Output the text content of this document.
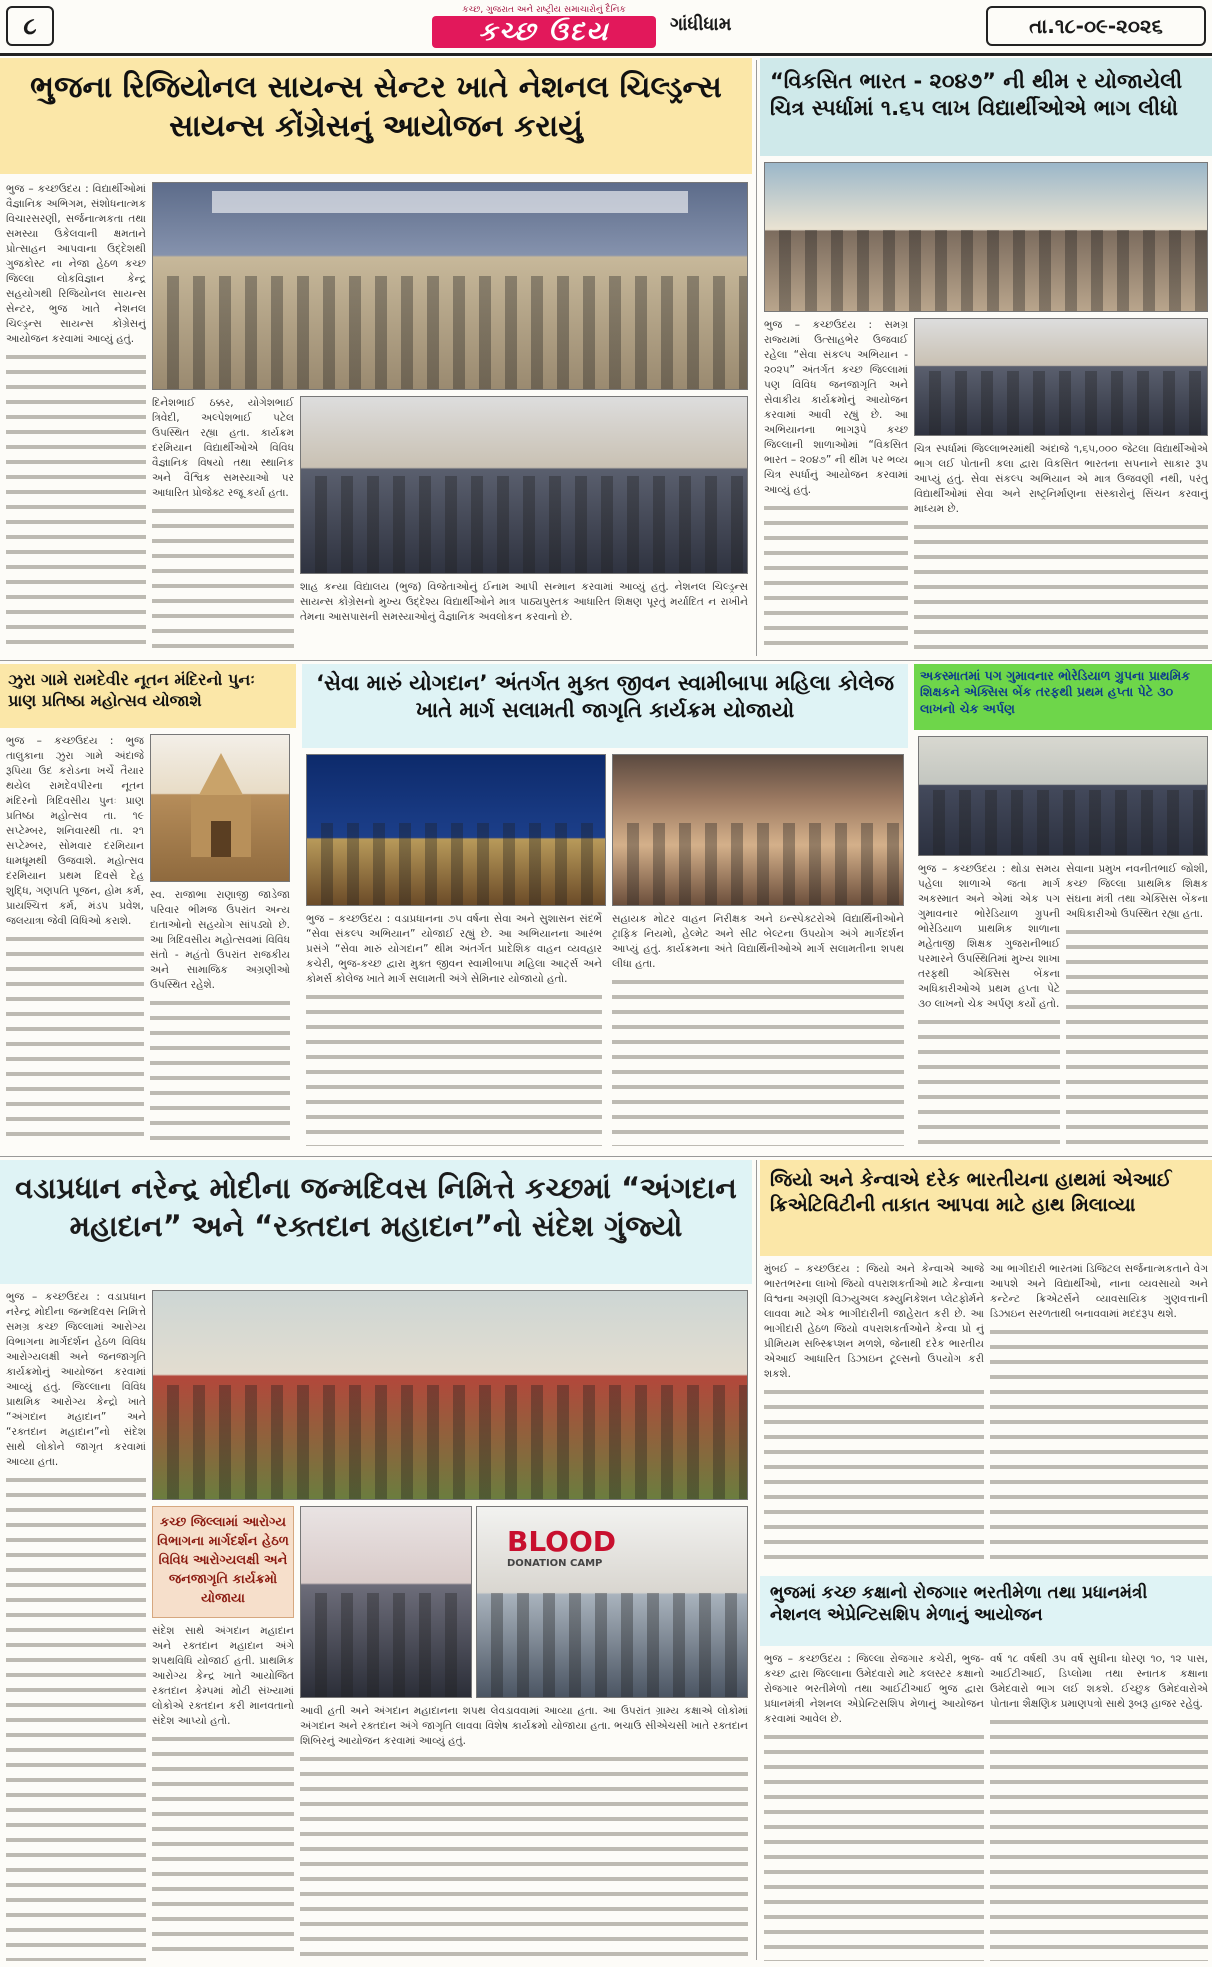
૮
કચ્છ, ગુજરાત અને રાષ્ટ્રીય સમાચારોનું દૈનિક
કચ્છ ઉદય	ગાંધીધામ	તા.૧૮-૦૯-૨૦૨૬
ભુજના રિજિયોનલ સાયન્સ સેન્ટર ખાતે નેશનલ ચિલ્ડ્રન્સ સાયન્સ કોંગ્રેસનું આયોજન કરાયું

ભુજ – કચ્છઉદય : વિદ્યાર્થીઓમાં વૈજ્ઞાનિક અભિગમ, સંશોધનાત્મક વિચારસરણી, સર્જનાત્મકતા તથા સમસ્યા ઉકેલવાની ક્ષમતાને પ્રોત્સાહન આપવાના ઉદ્દેશથી ગુજકોસ્ટ ના નેજા હેઠળ કચ્છ જિલ્લા લોકવિજ્ઞાન કેન્દ્ર સહયોગથી રિજિયોનલ સાયન્સ સેન્ટર, ભુજ ખાતે નેશનલ ચિલ્ડ્રન્સ સાયન્સ કોંગ્રેસનું આયોજન કરવામાં આવ્યું હતું.

દિનેશભાઈ ઠક્કર, યોગેશભાઈ ત્રિવેદી, અલ્પેશભાઈ પટેલ ઉપસ્થિત રહ્યા હતા. કાર્યક્રમ દરમિયાન વિદ્યાર્થીઓએ વિવિધ વૈજ્ઞાનિક વિષયો તથા સ્થાનિક અને વૈશ્વિક સમસ્યાઓ પર આધારિત પ્રોજેક્ટ રજૂ કર્યા હતા.

શાહ કન્યા વિદ્યાલય (ભુજ) વિજેતાઓનું ઈનામ આપી સન્માન કરવામાં આવ્યું હતું. નેશનલ ચિલ્ડ્રન્સ સાયન્સ કોંગ્રેસનો મુખ્ય ઉદ્દેશ્ય વિદ્યાર્થીઓને માત્ર પાઠ્યપુસ્તક આધારિત શિક્ષણ પૂરતું મર્યાદિત ન રાખીને તેમના આસપાસની સમસ્યાઓનું વૈજ્ઞાનિક અવલોકન કરવાનો છે.

“વિકસિત ભારત - ૨૦૪૭” ની થીમ ર યોજાયેલી ચિત્ર સ્પર્ધામાં ૧.૬૫ લાખ વિદ્યાર્થીઓએ ભાગ લીધો

ભુજ – કચ્છઉદય : સમગ્ર રાજ્યમાં ઉત્સાહભેર ઉજવાઈ રહેલા “સેવા સંકલ્પ અભિયાન - ૨૦૨૫” અંતર્ગત કચ્છ જિલ્લામાં પણ વિવિધ જનજાગૃતિ અને સેવાકીય કાર્યક્રમોનું આયોજન કરવામાં આવી રહ્યું છે. આ અભિયાનના ભાગરૂપે કચ્છ જિલ્લાની શાળાઓમાં “વિકસિત ભારત – ૨૦૪૭” ની થીમ પર ભવ્ય ચિત્ર સ્પર્ધાનું આયોજન કરવામાં આવ્યું હતું.

ચિત્ર સ્પર્ધામાં જિલ્લાભરમાંથી અંદાજે ૧,૬૫,૦૦૦ જેટલા વિદ્યાર્થીઓએ ભાગ લઈ પોતાની કલા દ્વારા વિકસિત ભારતના સપનાને સાકાર રૂપ આપ્યું હતું. સેવા સંકલ્પ અભિયાન એ માત્ર ઉજવણી નથી, પરંતુ વિદ્યાર્થીઓમાં સેવા અને રાષ્ટ્રનિર્માણના સંસ્કારોનું સિંચન કરવાનું માધ્યમ છે.

ઝુરા ગામે રામદેવીર નૂતન મંદિરનો પુનઃ પ્રાણ પ્રતિષ્ઠા મહોત્સવ યોજાશે

ભુજ – કચ્છઉદય : ભુજ તાલુકાના ઝુરા ગામે અંદાજે રૂપિયા ઉદ કરોડના ખર્ચે તૈયાર થયેલ રામદેવપીરના નૂતન મંદિરનો ત્રિદિવસીય પુનઃ પ્રાણ પ્રતિષ્ઠા મહોત્સવ તા. ૧૯ સપ્ટેમ્બર, શનિવારથી તા. ૨૧ સપ્ટેમ્બર, સોમવાર દરમિયાન ધામધૂમથી ઉજવાશે. મહોત્સવ દરમિયાન પ્રથમ દિવસે દેહ શુદ્ધિ, ગણપતિ પૂજન, હોમ કર્મ, પ્રાયશ્ચિત્ત કર્મ, મંડપ પ્રવેશ, જલયાત્રા જેવી વિધિઓ કરાશે.

સ્વ. રાજાભા રાણાજી જાડેજા પરિવાર ભીમજ ઉપરાંત અન્ય દાતાઓનો સહયોગ સાંપડ્યો છે. આ ત્રિદિવસીય મહોત્સવમાં વિવિધ સંતો - મહંતો ઉપરાંત રાજકીય અને સામાજિક અગ્રણીઓ ઉપસ્થિત રહેશે.

‘સેવા મારું યોગદાન’ અંતર્ગત મુક્ત જીવન સ્વામીબાપા મહિલા કોલેજ ખાતે માર્ગ સલામતી જાગૃતિ કાર્યક્રમ યોજાયો

ભુજ – કચ્છઉદય : વડાપ્રધાનના ૭૫ વર્ષના સેવા અને સુશાસન સંદર્ભે “સેવા સંકલ્પ અભિયાન” યોજાઈ રહ્યું છે. આ અભિયાનના આરંભ પ્રસંગે “સેવા મારું યોગદાન” થીમ અંતર્ગત પ્રાદેશિક વાહન વ્યવહાર કચેરી, ભુજ-કચ્છ દ્વારા મુક્ત જીવન સ્વામીબાપા મહિલા આર્ટ્સ અને કોમર્સ કોલેજ ખાતે માર્ગ સલામતી અંગે સેમિનાર યોજાયો હતો.

સહાયક મોટર વાહન નિરીક્ષક અને ઇન્સ્પેક્ટરોએ વિદ્યાર્થિનીઓને ટ્રાફિક નિયમો, હેલ્મેટ અને સીટ બેલ્ટના ઉપયોગ અંગે માર્ગદર્શન આપ્યું હતું. કાર્યક્રમના અંતે વિદ્યાર્થિનીઓએ માર્ગ સલામતીના શપથ લીધા હતા.

અકસ્માતમાં પગ ગુમાવનાર ભોરેડિયાળ ગ્રુપના પ્રાથમિક શિક્ષકને એક્સિસ બેંક તરફથી પ્રથમ હપ્તા પેટે ૩૦ લાખનો ચેક અર્પણ

ભુજ – કચ્છઉદય : થોડા સમય પહેલા શાળાએ જતા માર્ગ અકસ્માત અને એમાં એક પગ ગુમાવનાર ભોરેડિયાળ ગ્રુપની ભોરેડિયાળ પ્રાથમિક શાળાના મહેતાજી શિક્ષક ગુજરાનીભાઈ પરમારને ઉપસ્થિતિમાં મુખ્ય શાખા તરફથી એક્સિસ બેંકના અધિકારીઓએ પ્રથમ હપ્તા પેટે ૩૦ લાખનો ચેક અર્પણ કર્યો હતો.

સેવાના પ્રમુખ નવનીતભાઈ જોશી, કચ્છ જિલ્લા પ્રાથમિક શિક્ષક સંઘના મંત્રી તથા એક્સિસ બેંકના અધિકારીઓ ઉપસ્થિત રહ્યા હતા.

વડાપ્રધાન નરેન્દ્ર મોદીના જન્મદિવસ નિમિત્તે કચ્છમાં “અંગદાન મહાદાન” અને “રક્તદાન મહાદાન”નો સંદેશ ગુંજ્યો

ભુજ – કચ્છઉદય : વડાપ્રધાન નરેન્દ્ર મોદીના જન્મદિવસ નિમિત્તે સમગ્ર કચ્છ જિલ્લામાં આરોગ્ય વિભાગના માર્ગદર્શન હેઠળ વિવિધ આરોગ્યલક્ષી અને જનજાગૃતિ કાર્યક્રમોનું આયોજન કરવામાં આવ્યું હતું. જિલ્લાના વિવિધ પ્રાથમિક આરોગ્ય કેન્દ્રો ખાતે “અંગદાન મહાદાન” અને “રક્તદાન મહાદાન”નો સંદેશ સાથે લોકોને જાગૃત કરવામાં આવ્યા હતા.

કચ્છ જિલ્લામાં આરોગ્ય વિભાગના માર્ગદર્શન હેઠળ વિવિધ આરોગ્યલક્ષી અને જનજાગૃતિ કાર્યક્રમો યોજાયા

સંદેશ સાથે અંગદાન મહાદાન અને રક્તદાન મહાદાન અંગે શપથવિધિ યોજાઈ હતી. પ્રાથમિક આરોગ્ય કેન્દ્ર ખાતે આયોજિત રક્તદાન કેમ્પમાં મોટી સંખ્યામાં લોકોએ રક્તદાન કરી માનવતાનો સંદેશ આપ્યો હતો.

BLOOD
DONATION CAMP

આવી હતી અને અંગદાન મહાદાનના શપથ લેવડાવવામાં આવ્યા હતા. આ ઉપરાંત ગ્રામ્ય કક્ષાએ લોકોમાં અંગદાન અને રક્તદાન અંગે જાગૃતિ લાવવા વિશેષ કાર્યક્રમો યોજાયા હતા. ભચાઉ સીએચસી ખાતે રક્તદાન શિબિરનું આયોજન કરવામાં આવ્યું હતું.

જિયો અને કેન્વાએ દરેક ભારતીયના હાથમાં એઆઈ ક્રિએટિવિટીની તાકાત આપવા માટે હાથ મિલાવ્યા

મુંબઈ – કચ્છઉદય : જિયો અને કેન્વાએ આજે ભારતભરના લાખો જિયો વપરાશકર્તાઓ માટે કેન્વાના વિશ્વના અગ્રણી વિઝ્યુઅલ કમ્યુનિકેશન પ્લેટફોર્મને લાવવા માટે એક ભાગીદારીની જાહેરાત કરી છે. આ ભાગીદારી હેઠળ જિયો વપરાશકર્તાઓને કેન્વા પ્રો નું પ્રીમિયમ સબ્સ્ક્રિપ્શન મળશે, જેનાથી દરેક ભારતીય એઆઈ આધારિત ડિઝાઇન ટૂલ્સનો ઉપયોગ કરી શકશે.

આ ભાગીદારી ભારતમાં ડિજિટલ સર્જનાત્મકતાને વેગ આપશે અને વિદ્યાર્થીઓ, નાના વ્યવસાયો અને કન્ટેન્ટ ક્રિએટર્સને વ્યાવસાયિક ગુણવત્તાની ડિઝાઇન સરળતાથી બનાવવામાં મદદરૂપ થશે.

ભુજમાં કચ્છ કક્ષાનો રોજગાર ભરતીમેળા તથા પ્રધાનમંત્રી નેશનલ એપ્રેન્ટિસશિપ મેળાનું આયોજન

ભુજ – કચ્છઉદય : જિલ્લા રોજગાર કચેરી, ભુજ-કચ્છ દ્વારા જિલ્લાના ઉમેદવારો માટે કલસ્ટર કક્ષાનો રોજગાર ભરતીમેળો તથા આઈટીઆઈ ભુજ દ્વારા પ્રધાનમંત્રી નેશનલ એપ્રેન્ટિસશિપ મેળાનું આયોજન કરવામાં આવેલ છે.

વર્ષ ૧૮ વર્ષથી ૩૫ વર્ષ સુધીના ધોરણ ૧૦, ૧૨ પાસ, આઈટીઆઈ, ડિપ્લોમા તથા સ્નાતક કક્ષાના ઉમેદવારો ભાગ લઈ શકશે. ઈચ્છુક ઉમેદવારોએ પોતાના શૈક્ષણિક પ્રમાણપત્રો સાથે રૂબરૂ હાજર રહેવું.
